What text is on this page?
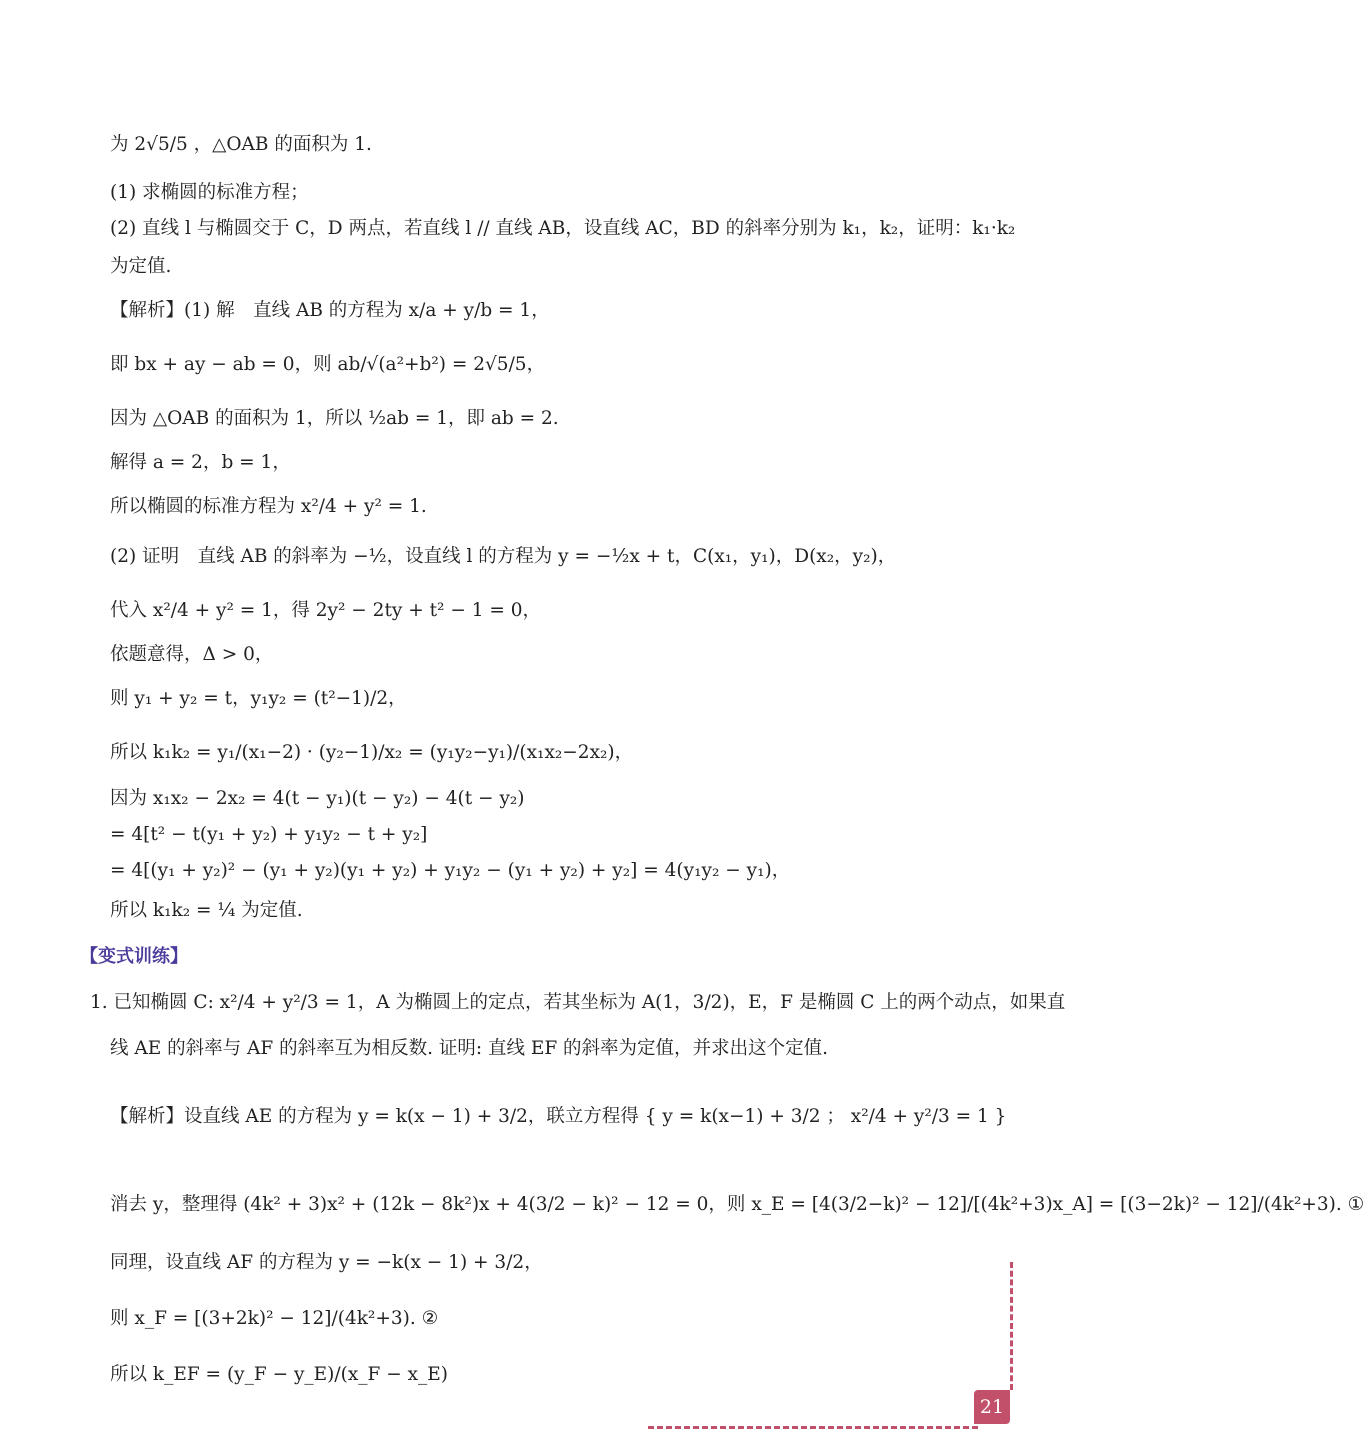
为 2√5/5 ，△OAB 的面积为 1.
(1) 求椭圆的标准方程；
(2) 直线 l 与椭圆交于 C，D 两点，若直线 l // 直线 AB，设直线 AC，BD 的斜率分别为 k₁，k₂，证明：k₁·k₂
为定值.
【解析】(1) 解　直线 AB 的方程为 x/a + y/b = 1，
即 bx + ay − ab = 0，则 ab/√(a²+b²) = 2√5/5，
因为 △OAB 的面积为 1，所以 ½ab = 1，即 ab = 2.
解得 a = 2，b = 1，
所以椭圆的标准方程为 x²/4 + y² = 1.
(2) 证明　直线 AB 的斜率为 −½，设直线 l 的方程为 y = −½x + t，C(x₁，y₁)，D(x₂，y₂)，
代入 x²/4 + y² = 1，得 2y² − 2ty + t² − 1 = 0，
依题意得，Δ > 0，
则 y₁ + y₂ = t，y₁y₂ = (t²−1)/2，
所以 k₁k₂ = y₁/(x₁−2) · (y₂−1)/x₂ = (y₁y₂−y₁)/(x₁x₂−2x₂)，
因为 x₁x₂ − 2x₂ = 4(t − y₁)(t − y₂) − 4(t − y₂)
= 4[t² − t(y₁ + y₂) + y₁y₂ − t + y₂]
= 4[(y₁ + y₂)² − (y₁ + y₂)(y₁ + y₂) + y₁y₂ − (y₁ + y₂) + y₂] = 4(y₁y₂ − y₁)，
所以 k₁k₂ = ¼ 为定值.
1. 已知椭圆 C: x²/4 + y²/3 = 1，A 为椭圆上的定点，若其坐标为 A(1，3/2)，E，F 是椭圆 C 上的两个动点，如果直
线 AE 的斜率与 AF 的斜率互为相反数. 证明: 直线 EF 的斜率为定值，并求出这个定值.
【解析】设直线 AE 的方程为 y = k(x − 1) + 3/2，联立方程得 { y = k(x−1) + 3/2 ； x²/4 + y²/3 = 1 }
消去 y，整理得 (4k² + 3)x² + (12k − 8k²)x + 4(3/2 − k)² − 12 = 0，则 x_E = [4(3/2−k)² − 12]/[(4k²+3)x_A] = [(3−2k)² − 12]/(4k²+3). ①
同理，设直线 AF 的方程为 y = −k(x − 1) + 3/2，
则 x_F = [(3+2k)² − 12]/(4k²+3). ②
所以 k_EF = (y_F − y_E)/(x_F − x_E)
【变式训练】
21
